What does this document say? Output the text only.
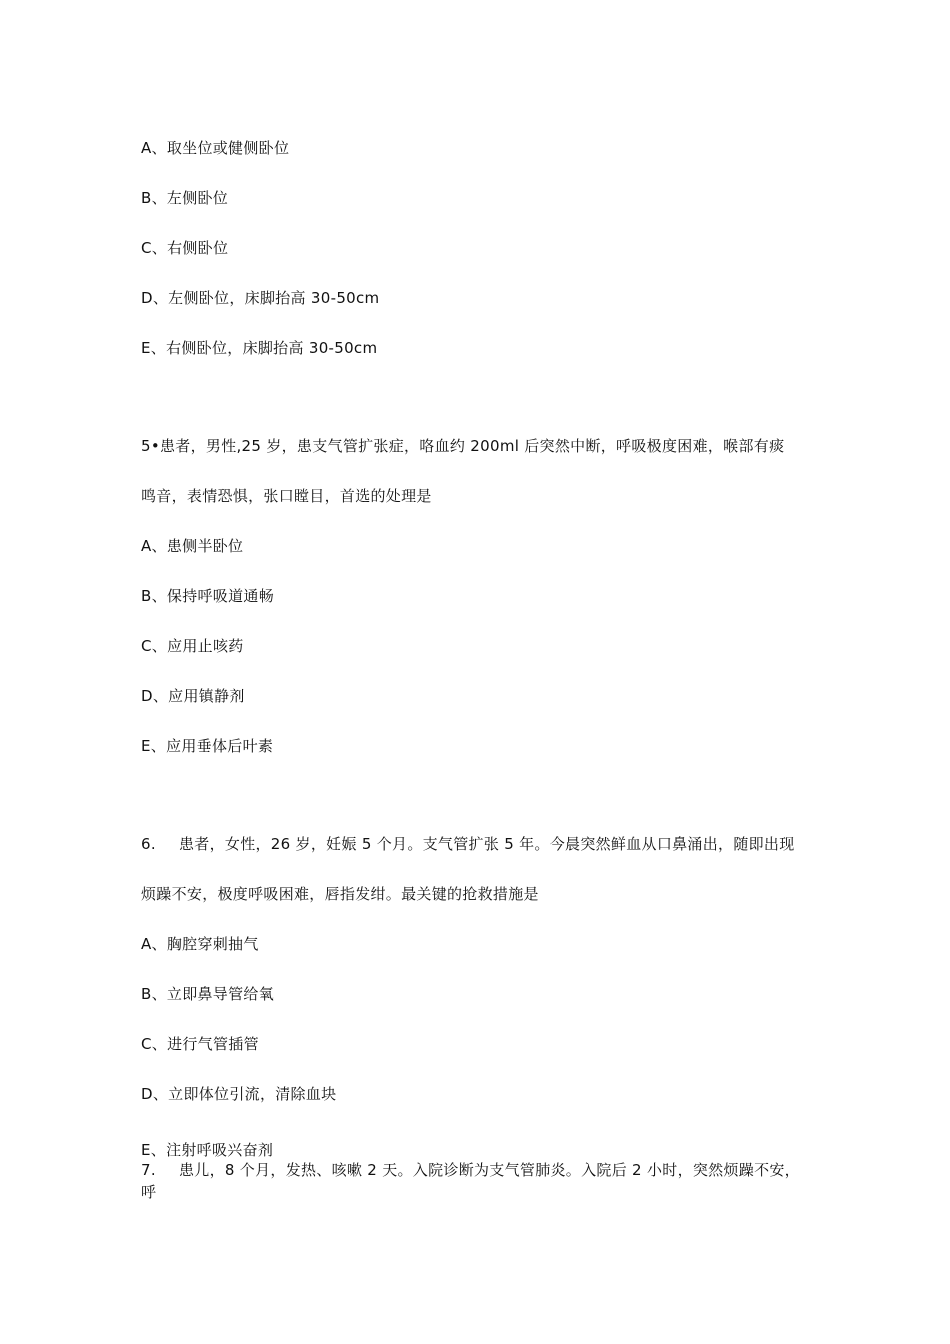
A、取坐位或健侧卧位
B、左侧卧位
C、右侧卧位
D、左侧卧位，床脚抬高 30-50cm
E、右侧卧位，床脚抬高 30-50cm
5•患者，男性,25 岁，患支气管扩张症，咯血约 200ml 后突然中断，呼吸极度困难，喉部有痰
鸣音，表情恐惧，张口瞠目，首选的处理是
A、患侧半卧位
B、保持呼吸道通畅
C、应用止咳药
D、应用镇静剂
E、应用垂体后叶素
6. 患者，女性，26 岁，妊娠 5 个月。支气管扩张 5 年。今晨突然鲜血从口鼻涌出，随即出现
烦躁不安，极度呼吸困难，唇指发绀。最关键的抢救措施是
A、胸腔穿刺抽气
B、立即鼻导管给氧
C、进行气管插管
D、立即体位引流，清除血块
E、注射呼吸兴奋剂
7. 患儿，8 个月，发热、咳嗽 2 天。入院诊断为支气管肺炎。入院后 2 小时，突然烦躁不安，
呼
